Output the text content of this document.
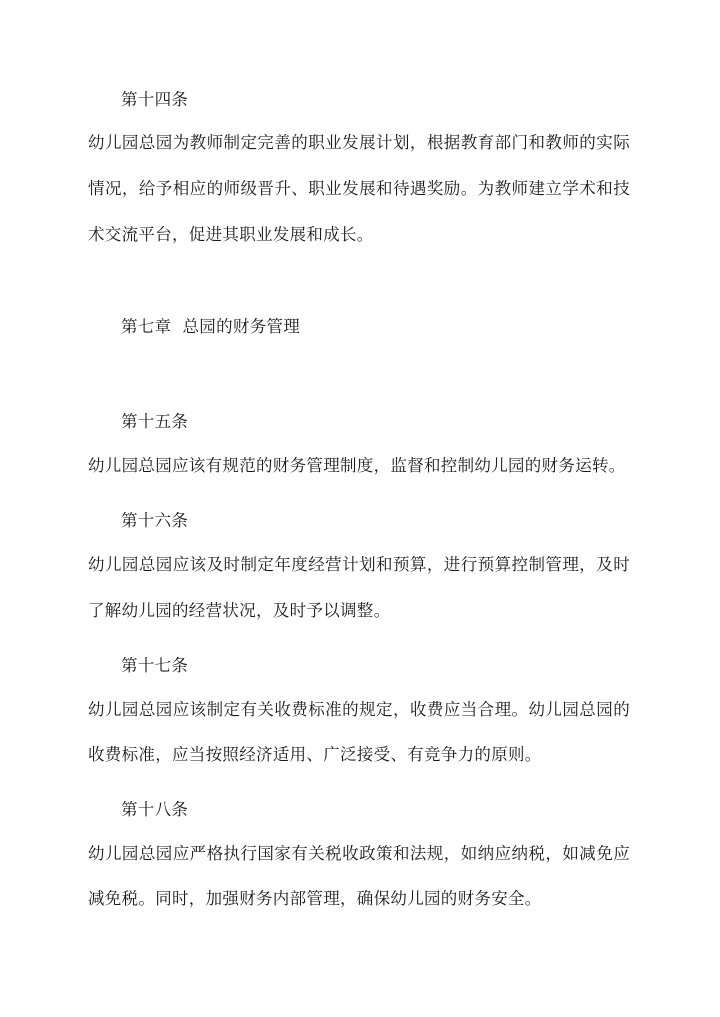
第十四条
幼儿园总园为教师制定完善的职业发展计划，根据教育部门和教师的实际
情况，给予相应的师级晋升、职业发展和待遇奖励。为教师建立学术和技
术交流平台，促进其职业发展和成长。
第七章  总园的财务管理
第十五条
幼儿园总园应该有规范的财务管理制度，监督和控制幼儿园的财务运转。
第十六条
幼儿园总园应该及时制定年度经营计划和预算，进行预算控制管理，及时
了解幼儿园的经营状况，及时予以调整。
第十七条
幼儿园总园应该制定有关收费标准的规定，收费应当合理。幼儿园总园的
收费标准，应当按照经济适用、广泛接受、有竞争力的原则。
第十八条
幼儿园总园应严格执行国家有关税收政策和法规，如纳应纳税，如减免应
减免税。同时，加强财务内部管理，确保幼儿园的财务安全。
